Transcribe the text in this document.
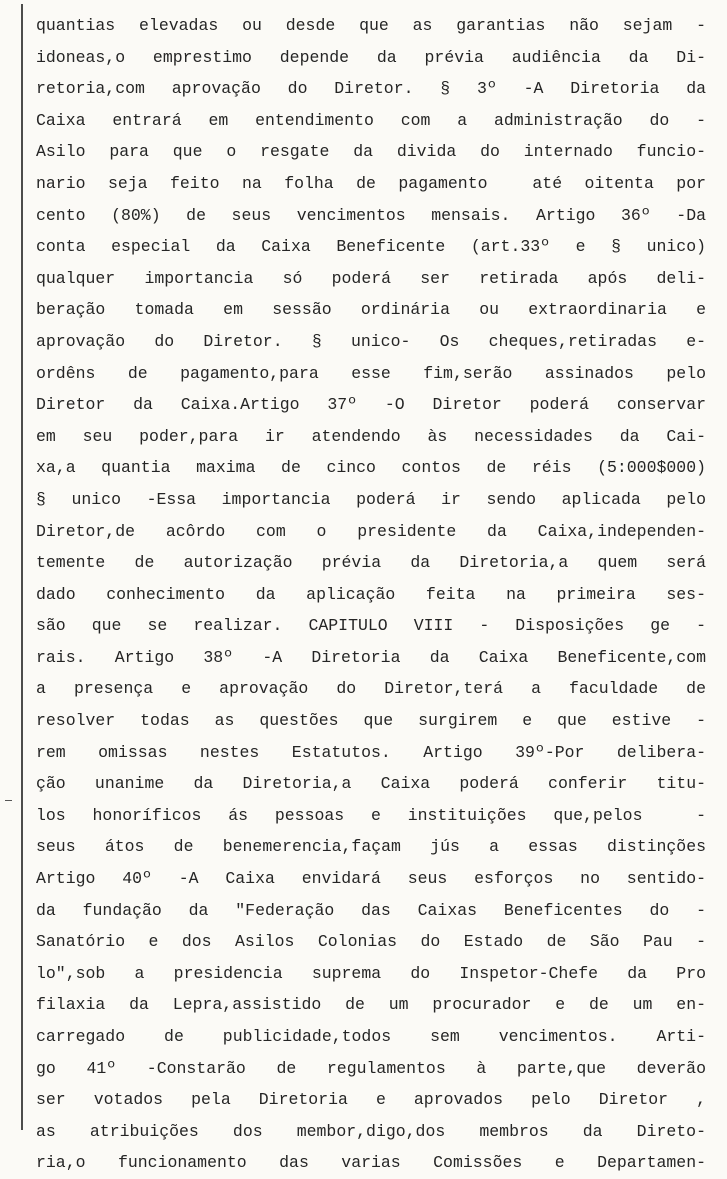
quantias elevadas ou desde que as garantias não sejam -
idoneas,o emprestimo depende da prévia audiência da Di-
retoria,com aprovação do Diretor. § 3º -A Diretoria da
Caixa entrará em entendimento com a administração do -
Asilo para que o resgate da divida do internado funcio-
nario seja feito na folha de pagamento  até oitenta por
cento (80%) de seus vencimentos mensais. Artigo 36º -Da
conta especial da Caixa Beneficente (art.33º e § unico)
qualquer importancia só poderá ser retirada após deli-
beração tomada em sessão ordinária ou extraordinaria e
aprovação do Diretor. § unico- Os cheques,retiradas e-
ordêns de pagamento,para esse fim,serão assinados pelo
Diretor da Caixa.Artigo 37º -O Diretor poderá conservar
em seu poder,para ir atendendo às necessidades da Cai-
xa,a quantia maxima de cinco contos de réis (5:000$000)
§ unico -Essa importancia poderá ir sendo aplicada pelo
Diretor,de acôrdo com o presidente da Caixa,independen-
temente de autorização prévia da Diretoria,a quem será
dado conhecimento da aplicação feita na primeira ses-
são que se realizar. CAPITULO VIII - Disposições ge -
rais. Artigo 38º -A Diretoria da Caixa Beneficente,com
a presença e aprovação do Diretor,terá a faculdade de
resolver todas as questões que surgirem e que estive -
rem omissas nestes Estatutos. Artigo 39º-Por delibera-
ção unanime da Diretoria,a Caixa poderá conferir titu-
los honoríficos ás pessoas e instituições que,pelos  -
seus átos de benemerencia,façam jús a essas distinções
Artigo 40º -A Caixa envidará seus esforços no sentido-
da fundação da "Federação das Caixas Beneficentes do -
Sanatório e dos Asilos Colonias do Estado de São Pau -
lo",sob a presidencia suprema do Inspetor-Chefe da Pro
filaxia da Lepra,assistido de um procurador e de um en-
carregado de publicidade,todos sem vencimentos. Arti-
go 41º -Constarão de regulamentos à parte,que deverão
ser votados pela Diretoria e aprovados pelo Diretor ,
as atribuições dos membor,digo,dos membros da Direto-
ria,o funcionamento das varias Comissões e Departamen-
